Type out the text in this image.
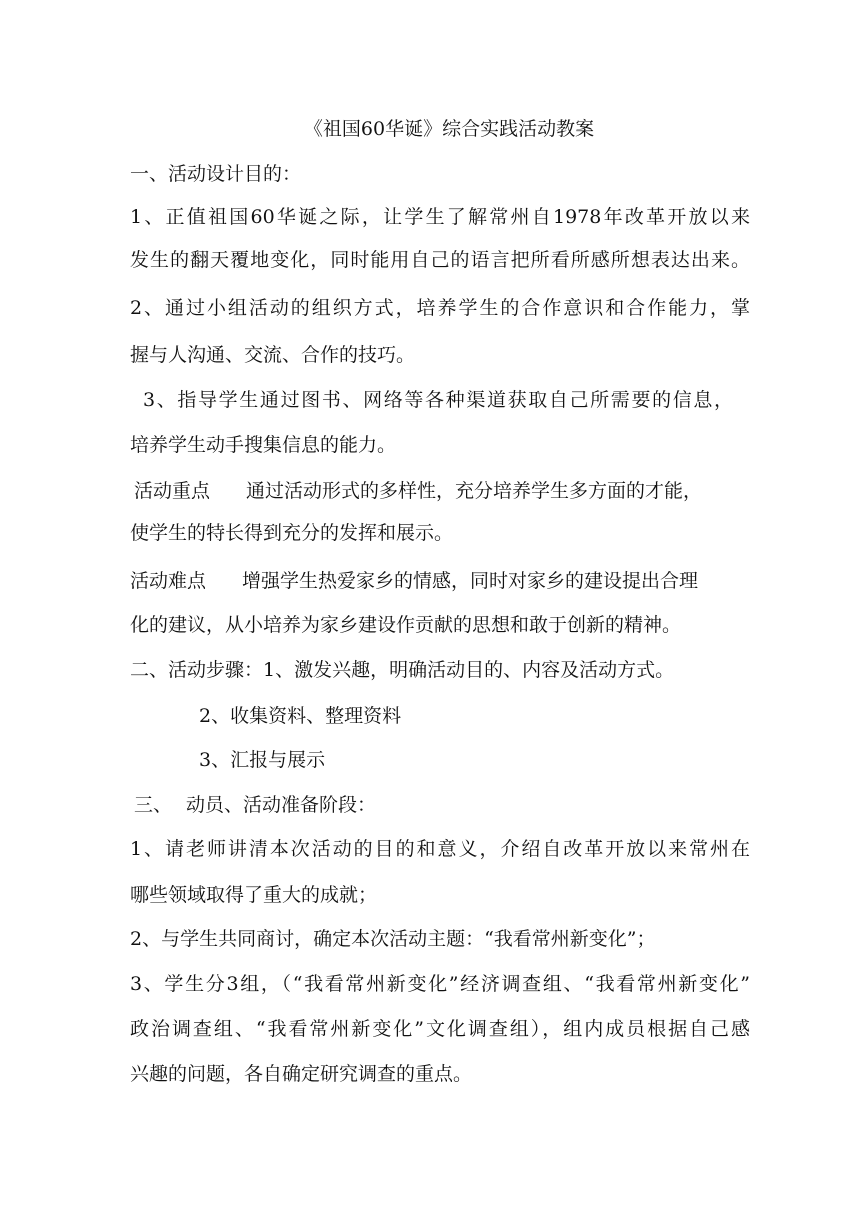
《祖国60华诞》综合实践活动教案
一、活动设计目的：
1、正值祖国60华诞之际，让学生了解常州自1978年改革开放以来
发生的翻天覆地变化，同时能用自己的语言把所看所感所想表达出来。
2、通过小组活动的组织方式，培养学生的合作意识和合作能力，掌
握与人沟通、交流、合作的技巧。
3、指导学生通过图书、网络等各种渠道获取自己所需要的信息，
培养学生动手搜集信息的能力。
活动重点 通过活动形式的多样性，充分培养学生多方面的才能，
使学生的特长得到充分的发挥和展示。
活动难点 增强学生热爱家乡的情感，同时对家乡的建设提出合理
化的建议，从小培养为家乡建设作贡献的思想和敢于创新的精神。
二、活动步骤：1、激发兴趣，明确活动目的、内容及活动方式。
2、收集资料、整理资料
3、汇报与展示
三、 动员、活动准备阶段：
1、请老师讲清本次活动的目的和意义，介绍自改革开放以来常州在
哪些领域取得了重大的成就；
2、与学生共同商讨，确定本次活动主题：“我看常州新变化”；
3、学生分3组，（“我看常州新变化”经济调查组、“我看常州新变化”
政治调查组、“我看常州新变化”文化调查组），组内成员根据自己感
兴趣的问题，各自确定研究调查的重点。
